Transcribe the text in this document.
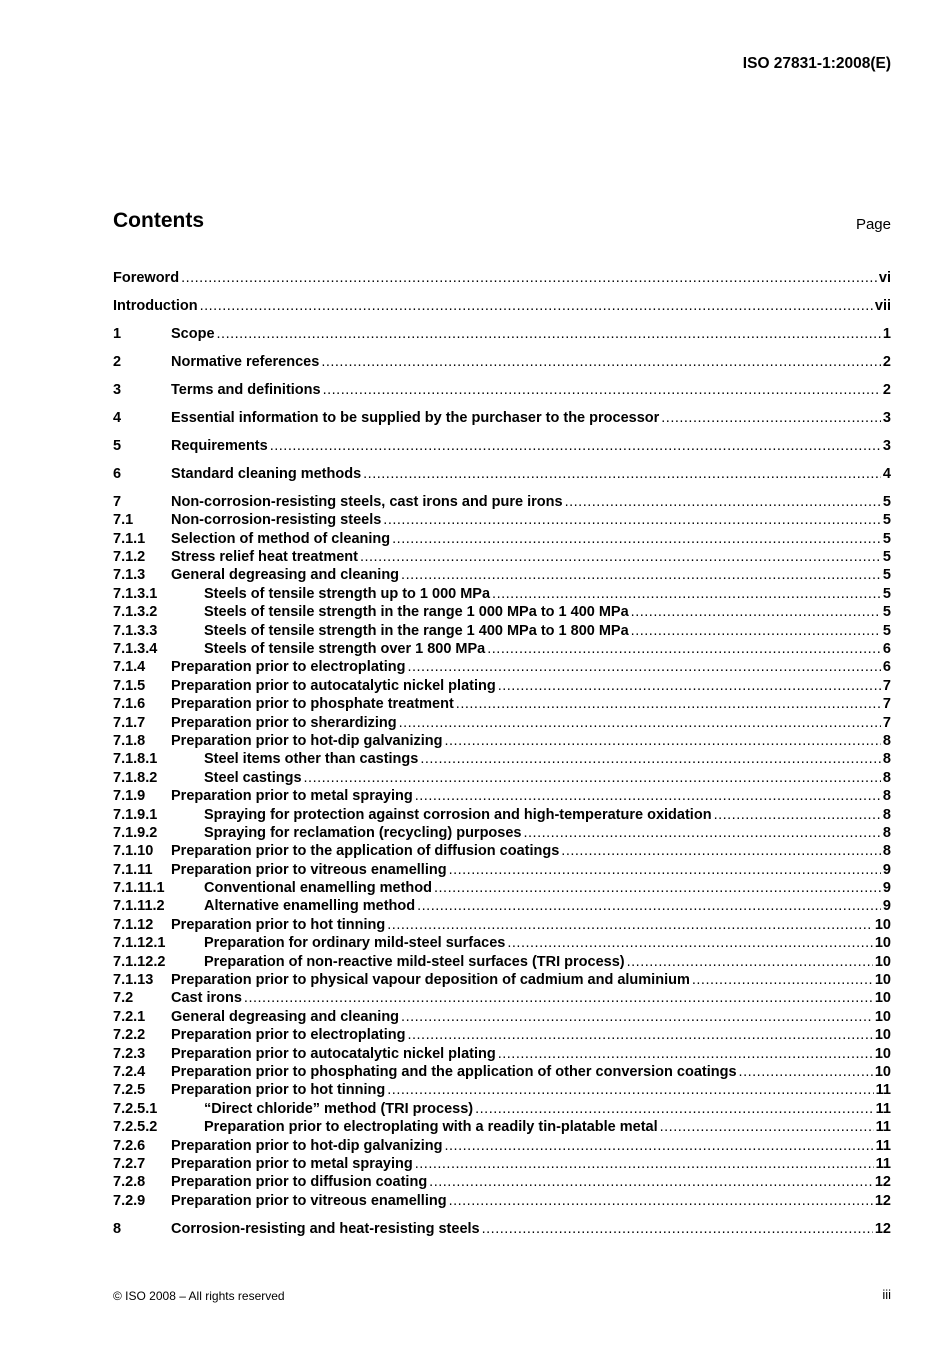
ISO 27831-1:2008(E)
Contents	Page
Foreword .....	vi
Introduction .....	vii
1	Scope .....	1
2	Normative references .....	2
3	Terms and definitions .....	2
4	Essential information to be supplied by the purchaser to the processor .....	3
5	Requirements .....	3
6	Standard cleaning methods .....	4
7	Non-corrosion-resisting steels, cast irons and pure irons .....	5
7.1	Non-corrosion-resisting steels .....	5
7.1.1 Selection of method of cleaning .....	5
7.1.2 Stress relief heat treatment .....	5
7.1.3 General degreasing and cleaning .....	5
7.1.3.1	Steels of tensile strength up to 1 000 MPa .....	5
7.1.3.2	Steels of tensile strength in the range 1 000 MPa to 1 400 MPa .....	5
7.1.3.3	Steels of tensile strength in the range 1 400 MPa to 1 800 MPa .....	5
7.1.3.4	Steels of tensile strength over 1 800 MPa .....	6
7.1.4 Preparation prior to electroplating .....	6
7.1.5 Preparation prior to autocatalytic nickel plating .....	7
7.1.6 Preparation prior to phosphate treatment .....	7
7.1.7 Preparation prior to sherardizing .....	7
7.1.8 Preparation prior to hot-dip galvanizing .....	8
7.1.8.1	Steel items other than castings .....	8
7.1.8.2	Steel castings .....	8
7.1.9 Preparation prior to metal spraying .....	8
7.1.9.1	Spraying for protection against corrosion and high-temperature oxidation .....	8
7.1.9.2	Spraying for reclamation (recycling) purposes .....	8
7.1.10 Preparation prior to the application of diffusion coatings .....	8
7.1.11 Preparation prior to vitreous enamelling .....	9
7.1.11.1	Conventional enamelling method .....	9
7.1.11.2	Alternative enamelling method .....	9
7.1.12 Preparation prior to hot tinning .....	10
7.1.12.1	Preparation for ordinary mild-steel surfaces .....	10
7.1.12.2	Preparation of non-reactive mild-steel surfaces (TRI process) .....	10
7.1.13 Preparation prior to physical vapour deposition of cadmium and aluminium .....	10
7.2	Cast irons .....	10
7.2.1 General degreasing and cleaning .....	10
7.2.2 Preparation prior to electroplating .....	10
7.2.3 Preparation prior to autocatalytic nickel plating .....	10
7.2.4 Preparation prior to phosphating and the application of other conversion coatings .....	10
7.2.5 Preparation prior to hot tinning .....	11
7.2.5.1	“Direct chloride” method (TRI process) .....	11
7.2.5.2	Preparation prior to electroplating with a readily tin-platable metal .....	11
7.2.6 Preparation prior to hot-dip galvanizing .....	11
7.2.7 Preparation prior to metal spraying .....	11
7.2.8 Preparation prior to diffusion coating .....	12
7.2.9 Preparation prior to vitreous enamelling .....	12
8	Corrosion-resisting and heat-resisting steels .....	12
© ISO 2008 – All rights reserved	iii
